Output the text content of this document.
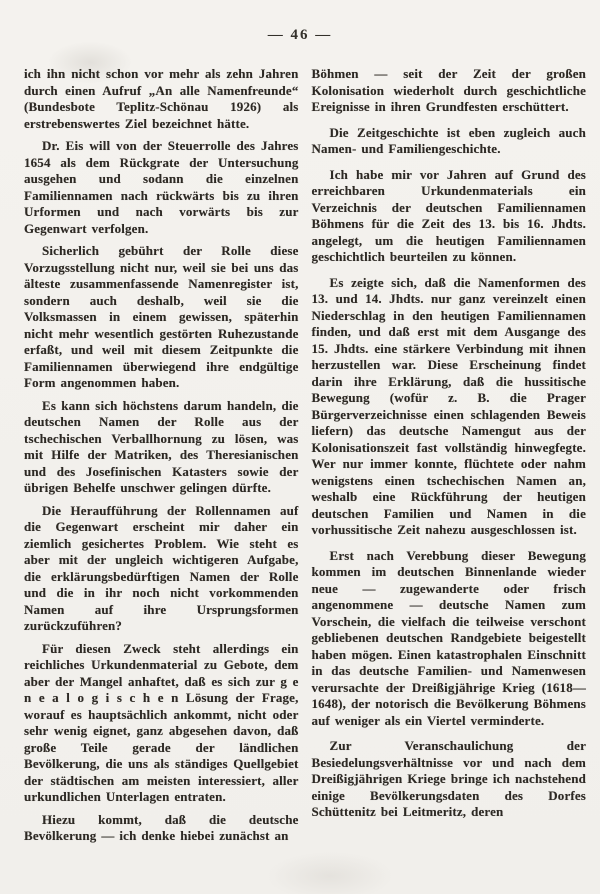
— 46 —

ich ihn nicht schon vor mehr als zehn Jahren durch einen Aufruf „An alle Namenfreunde“ (Bundesbote Teplitz-Schönau 1926) als erstrebenswertes Ziel bezeichnet hätte.

Dr. Eis will von der Steuerrolle des Jahres 1654 als dem Rückgrate der Untersuchung ausgehen und sodann die einzelnen Familiennamen nach rückwärts bis zu ihren Urformen und nach vorwärts bis zur Gegenwart verfolgen.

Sicherlich gebührt der Rolle diese Vorzugsstellung nicht nur, weil sie bei uns das älteste zusammenfassende Namenregister ist, sondern auch deshalb, weil sie die Volksmassen in einem gewissen, späterhin nicht mehr wesentlich gestörten Ruhezustande erfaßt, und weil mit diesem Zeitpunkte die Familiennamen überwiegend ihre endgültige Form angenommen haben.

Es kann sich höchstens darum handeln, die deutschen Namen der Rolle aus der tschechischen Verballhornung zu lösen, was mit Hilfe der Matriken, des Theresianischen und des Josefinischen Katasters sowie der übrigen Behelfe unschwer gelingen dürfte.

Die Heraufführung der Rollennamen auf die Gegenwart erscheint mir daher ein ziemlich gesichertes Problem. Wie steht es aber mit der ungleich wichtigeren Aufgabe, die erklärungsbedürftigen Namen der Rolle und die in ihr noch nicht vorkommenden Namen auf ihre Ursprungsformen zurückzuführen?

Für diesen Zweck steht allerdings ein reichliches Urkundenmaterial zu Gebote, dem aber der Mangel anhaftet, daß es sich zur g e n e a l o g i s c h e n Lösung der Frage, worauf es hauptsächlich ankommt, nicht oder sehr wenig eignet, ganz abgesehen davon, daß große Teile gerade der ländlichen Bevölkerung, die uns als ständiges Quellgebiet der städtischen am meisten interessiert, aller urkundlichen Unterlagen entraten.

Hiezu kommt, daß die deutsche Bevölkerung — ich denke hiebei zunächst an

Böhmen — seit der Zeit der großen Kolonisation wiederholt durch geschichtliche Ereignisse in ihren Grundfesten erschüttert.

Die Zeitgeschichte ist eben zugleich auch Namen- und Familiengeschichte.

Ich habe mir vor Jahren auf Grund des erreichbaren Urkundenmaterials ein Verzeichnis der deutschen Familiennamen Böhmens für die Zeit des 13. bis 16. Jhdts. angelegt, um die heutigen Familiennamen geschichtlich beurteilen zu können.

Es zeigte sich, daß die Namenformen des 13. und 14. Jhdts. nur ganz vereinzelt einen Niederschlag in den heutigen Familiennamen finden, und daß erst mit dem Ausgange des 15. Jhdts. eine stärkere Verbindung mit ihnen herzustellen war. Diese Erscheinung findet darin ihre Erklärung, daß die hussitische Bewegung (wofür z. B. die Prager Bürgerverzeichnisse einen schlagenden Beweis liefern) das deutsche Namengut aus der Kolonisationszeit fast vollständig hinwegfegte. Wer nur immer konnte, flüchtete oder nahm wenigstens einen tschechischen Namen an, weshalb eine Rückführung der heutigen deutschen Familien und Namen in die vorhussitische Zeit nahezu ausgeschlossen ist.

Erst nach Verebbung dieser Bewegung kommen im deutschen Binnenlande wieder neue — zugewanderte oder frisch angenommene — deutsche Namen zum Vorschein, die vielfach die teilweise verschont gebliebenen deutschen Randgebiete beigestellt haben mögen. Einen katastrophalen Einschnitt in das deutsche Familien- und Namenwesen verursachte der Dreißigjährige Krieg (1618—1648), der notorisch die Bevölkerung Böhmens auf weniger als ein Viertel verminderte.

Zur Veranschaulichung der Besiedelungsverhältnisse vor und nach dem Dreißigjährigen Kriege bringe ich nachstehend einige Bevölkerungsdaten des Dorfes Schüttenitz bei Leitmeritz, deren
